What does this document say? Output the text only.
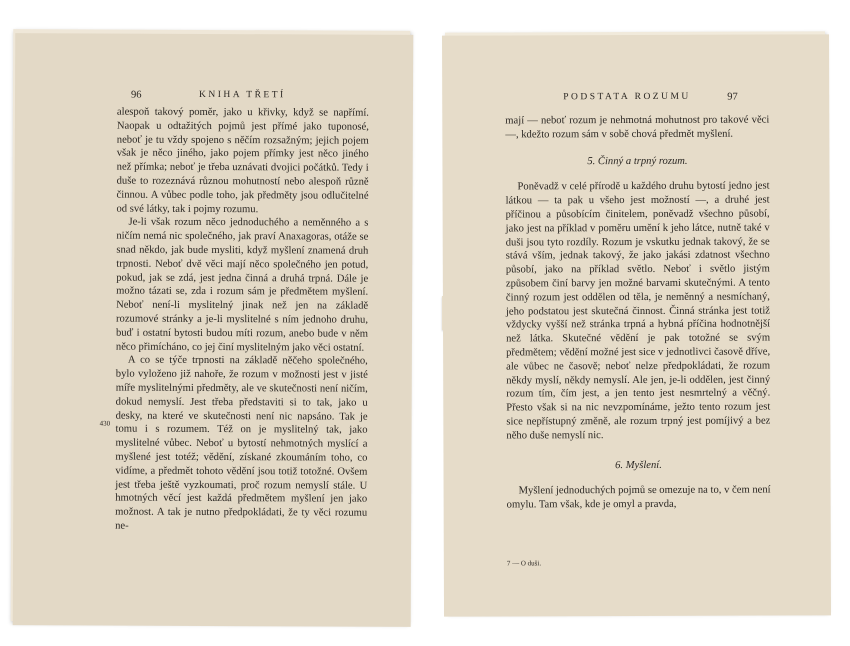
96	KNIHA TŘETÍ
430

alespoň takový poměr, jako u křivky, když se napřímí. Naopak u odtažitých pojmů jest přímé jako tuponosé, neboť je tu vždy spojeno s něčím rozsažným; jejich pojem však je něco jiného, jako pojem přímky jest něco jiného než přímka; neboť je třeba uznávati dvojici počátků. Tedy i duše to rozeznává různou mohutností nebo alespoň různě činnou. A vůbec podle toho, jak předměty jsou odlučitelné od své látky, tak i pojmy rozumu.

Je-li však rozum něco jednoduchého a neměnného a s ničím nemá nic společného, jak praví Anaxagoras, otáže se snad někdo, jak bude mysliti, když myšlení znamená druh trpnosti. Neboť dvě věci mají něco společného jen potud, pokud, jak se zdá, jest jedna činná a druhá trpná. Dále je možno tázati se, zda i rozum sám je předmětem myšlení. Neboť není-li myslitelný jinak než jen na základě rozumové stránky a je-li myslitelné s ním jednoho druhu, buď i ostatní bytosti budou míti rozum, anebo bude v něm něco přimícháno, co jej činí myslitelným jako věci ostatní.

A co se týče trpnosti na základě něčeho společného, bylo vyloženo již nahoře, že rozum v možnosti jest v jisté míře myslitelnými předměty, ale ve skutečnosti není ničím, dokud nemyslí. Jest třeba představiti si to tak, jako u desky, na které ve skutečnosti není nic napsáno. Tak je tomu i s rozumem. Též on je myslitelný tak, jako myslitelné vůbec. Neboť u bytostí nehmotných myslící a myšlené jest totéž; vědění, získané zkoumáním toho, co vidíme, a předmět tohoto vědění jsou totiž totožné. Ovšem jest třeba ještě vyzkoumati, proč rozum nemyslí stále. U hmotných věcí jest každá předmětem myšlení jen jako možnost. A tak je nutno předpokládati, že ty věci rozumu ne-

PODSTATA ROZUMU	97

mají — neboť rozum je nehmotná mohutnost pro takové věci —, kdežto rozum sám v sobě chová předmět myšlení.

5. Činný a trpný rozum.

Poněvadž v celé přírodě u každého druhu bytostí jedno jest látkou — ta pak u všeho jest možností —, a druhé jest příčinou a působícím činitelem, poněvadž všechno působí, jako jest na příklad v poměru umění k jeho látce, nutně také v duši jsou tyto rozdíly. Rozum je vskutku jednak takový, že se stává vším, jednak takový, že jako jakási zdatnost všechno působí, jako na příklad světlo. Neboť i světlo jistým způsobem činí barvy jen možné barvami skutečnými. A tento činný rozum jest oddělen od těla, je neměnný a nesmíchaný, jeho podstatou jest skutečná činnost. Činná stránka jest totiž vždycky vyšší než stránka trpná a hybná příčina hodnotnější než látka. Skutečné vědění je pak totožné se svým předmětem; vědění možné jest sice v jednotlivci časově dříve, ale vůbec ne časově; neboť nelze předpokládati, že rozum někdy myslí, někdy nemyslí. Ale jen, je-li oddělen, jest činný rozum tím, čím jest, a jen tento jest nesmrtelný a věčný. Přesto však si na nic nevzpomínáme, ježto tento rozum jest sice nepřístupný změně, ale rozum trpný jest pomíjivý a bez něho duše nemyslí nic.

6. Myšlení.

Myšlení jednoduchých pojmů se omezuje na to, v čem není omylu. Tam však, kde je omyl a pravda,

7 — O duši.
